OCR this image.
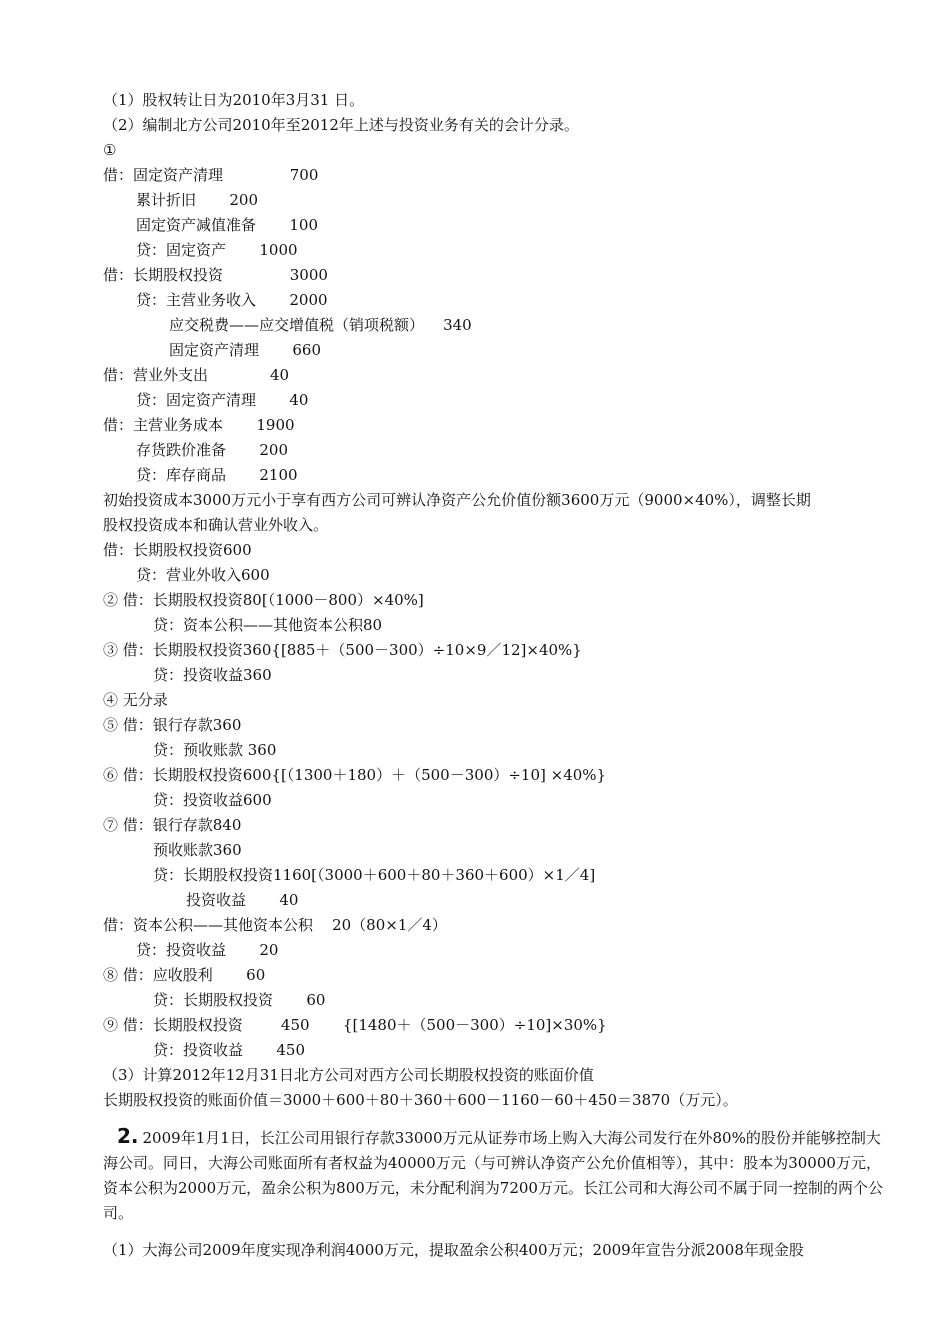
（1）股权转让日为2010年3月31 日。
（2）编制北方公司2010年至2012年上述与投资业务有关的会计分录。
①
借：固定资产清理              700
累计折旧       200
固定资产减值准备       100
贷：固定资产       1000
借：长期股权投资              3000
贷：主营业务收入       2000
应交税费——应交增值税（销项税额）    340
固定资产清理       660
借：营业外支出             40
贷：固定资产清理       40
借：主营业务成本       1900
存货跌价准备       200
贷：库存商品       2100
初始投资成本3000万元小于享有西方公司可辨认净资产公允价值份额3600万元（9000×40%），调整长期
股权投资成本和确认营业外收入。
借：长期股权投资600
贷：营业外收入600
② 借：长期股权投资80[（1000－800）×40%]
贷：资本公积——其他资本公积80
③ 借：长期股权投资360{[885＋（500－300）÷10×9／12]×40%}
贷：投资收益360
④ 无分录
⑤ 借：银行存款360
贷：预收账款 360
⑥ 借：长期股权投资600{[（1300＋180）＋（500－300）÷10] ×40%}
贷：投资收益600
⑦ 借：银行存款840
预收账款360
贷：长期股权投资1160[（3000＋600＋80＋360＋600）×1／4]
投资收益       40
借：资本公积——其他资本公积    20（80×1／4）
贷：投资收益       20
⑧ 借：应收股利       60
贷：长期股权投资       60
⑨ 借：长期股权投资        450       {[1480＋（500－300）÷10]×30%}
贷：投资收益       450
（3）计算2012年12月31日北方公司对西方公司长期股权投资的账面价值
长期股权投资的账面价值＝3000＋600＋80＋360＋600－1160－60＋450＝3870（万元）。
2. 2009年1月1日，长江公司用银行存款33000万元从证券市场上购入大海公司发行在外80%的股份并能够控制大海公司。同日，大海公司账面所有者权益为40000万元（与可辨认净资产公允价值相等），其中：股本为30000万元，资本公积为2000万元，盈余公积为800万元，未分配利润为7200万元。长江公司和大海公司不属于同一控制的两个公司。
（1）大海公司2009年度实现净利润4000万元，提取盈余公积400万元；2009年宣告分派2008年现金股
